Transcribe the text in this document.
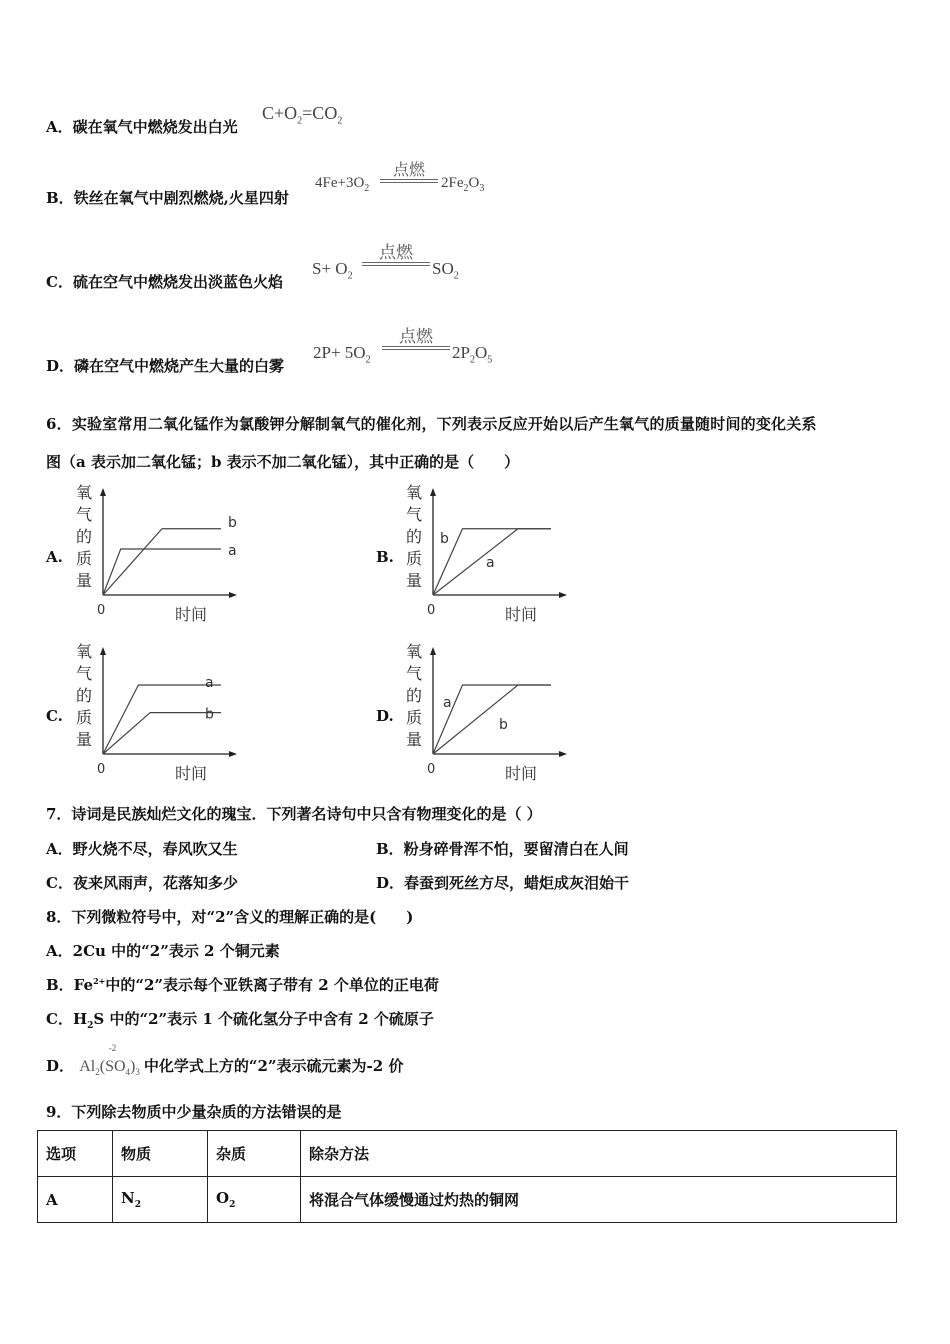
A．碳在氧气中燃烧发出白光
$C+O_2=CO_2$
B．铁丝在氧气中剧烈燃烧,火星四射
$4Fe+3O_2$
点燃
$2Fe_2O_3$
C．硫在空气中燃烧发出淡蓝色火焰
$S+ O_2$
点燃
$SO_2$
D．磷在空气中燃烧产生大量的白雾
$2P+ 5O_2$
点燃
$2P_2O_5$
6．实验室常用二氧化锰作为氯酸钾分解制氧气的催化剂，下列表示反应开始以后产生氧气的质量随时间的变化关系
图（a 表示加二氧化锰；b 表示不加二氧化锰），其中正确的是（　　）
A.	B.
C.	D.
氧
气
的
质
量
0	时间
b
a
氧
气
的
质
量
0	时间
b
a
氧
气
的
质
量
0	时间
a
b
氧
气
的
质
量
0	时间
a
b
7．诗词是民族灿烂文化的瑰宝．下列著名诗句中只含有物理变化的是（ ）
A．野火烧不尽，春风吹又生	B．粉身碎骨浑不怕，要留清白在人间
C．夜来风雨声，花落知多少	D．春蚕到死丝方尽，蜡炬成灰泪始干
8．下列微粒符号中，对“2”含义的理解正确的是(　　)
A．2Cu 中的“2”表示 2 个铜元素
B．$Fe^{2+}$中的“2”表示每个亚铁离子带有 2 个单位的正电荷
C．$H_2S$ 中的“2”表示 1 个硫化氢分子中含有 2 个硫原子
D． $Al_2$
-2
$(SO_4)_3$ 中化学式上方的“2”表示硫元素为-2 价
9．下列除去物质中少量杂质的方法错误的是
选项	物质	杂质	除杂方法
A	$N_2$	$O_2$	将混合气体缓慢通过灼热的铜网
